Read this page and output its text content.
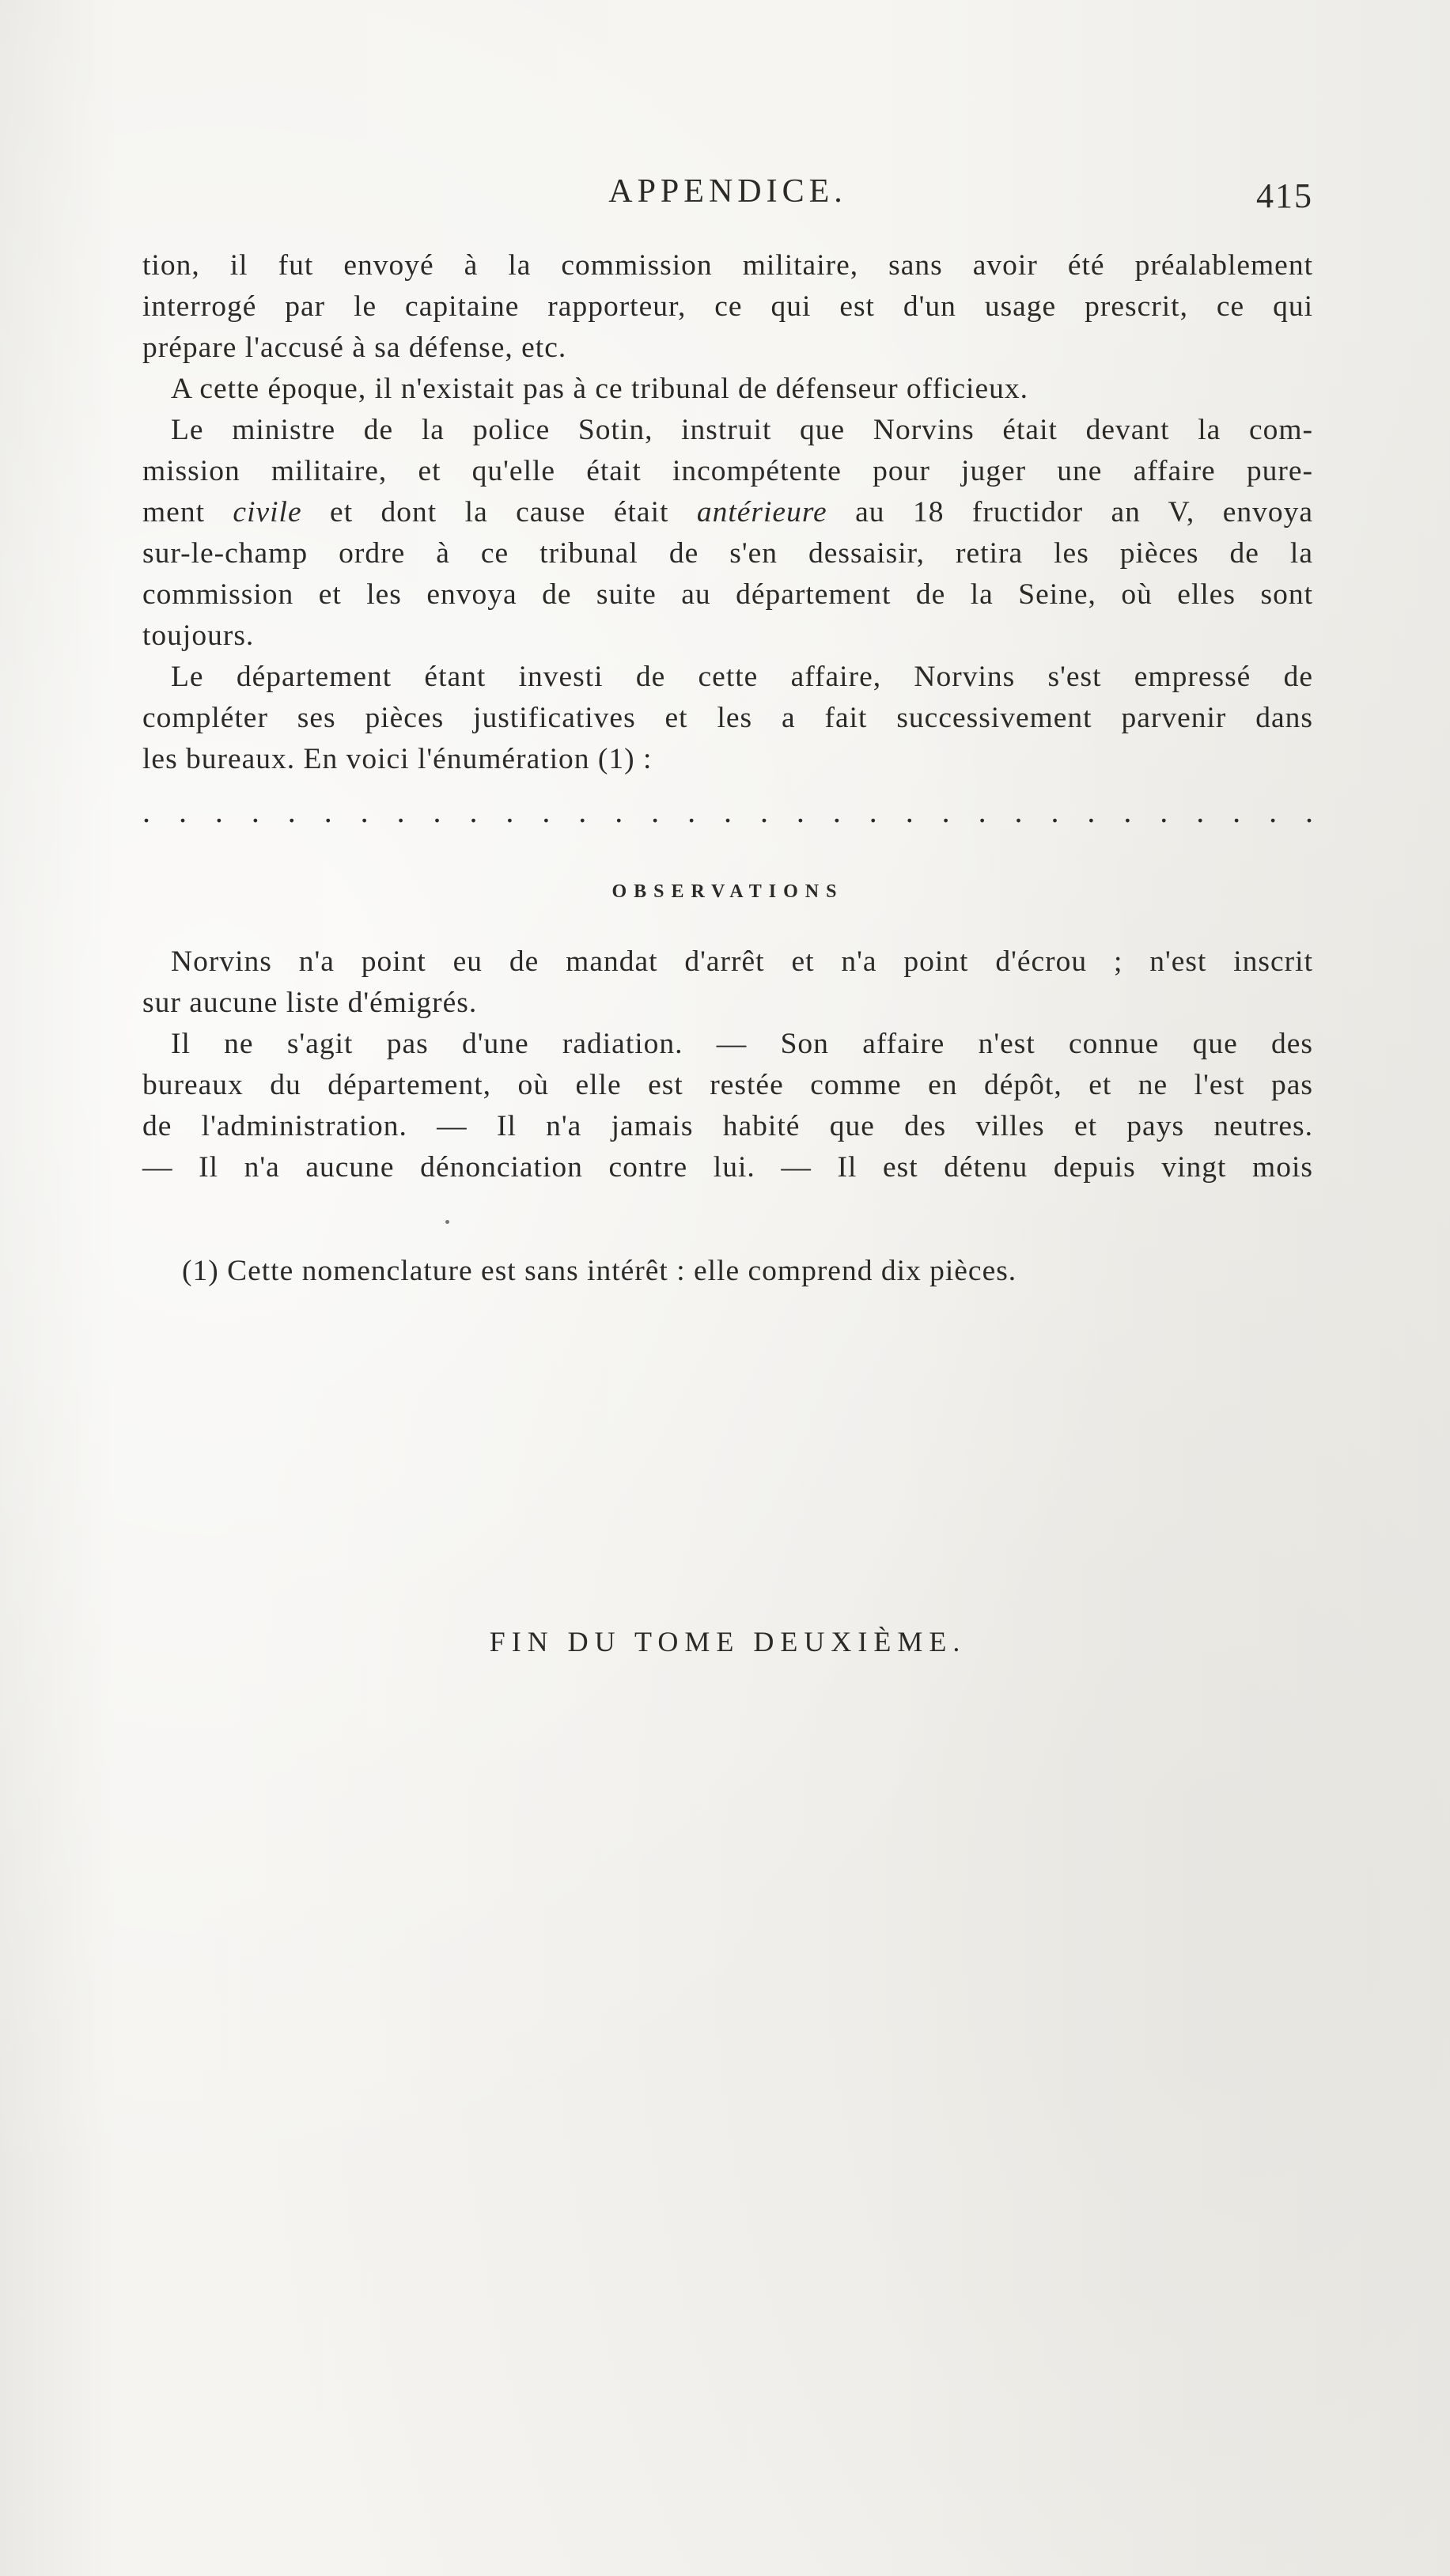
APPENDICE.	415
tion, il fut envoyé à la commission militaire, sans avoir été préalablement
interrogé par le capitaine rapporteur, ce qui est d'un usage prescrit, ce qui
prépare l'accusé à sa défense, etc.
A cette époque, il n'existait pas à ce tribunal de défenseur officieux.
Le ministre de la police Sotin, instruit que Norvins était devant la com-
mission militaire, et qu'elle était incompétente pour juger une affaire pure-
ment civile et dont la cause était antérieure au 18 fructidor an V, envoya
sur-le-champ ordre à ce tribunal de s'en dessaisir, retira les pièces de la
commission et les envoya de suite au département de la Seine, où elles sont
toujours.
Le département étant investi de cette affaire, Norvins s'est empressé de
compléter ses pièces justificatives et les a fait successivement parvenir dans
les bureaux. En voici l'énumération (1) :
. . . . . . . . . . . . . . . . . . . . . . . . . . . . . . . . .
OBSERVATIONS
Norvins n'a point eu de mandat d'arrêt et n'a point d'écrou ; n'est inscrit
sur aucune liste d'émigrés.
Il ne s'agit pas d'une radiation. — Son affaire n'est connue que des
bureaux du département, où elle est restée comme en dépôt, et ne l'est pas
de l'administration. — Il n'a jamais habité que des villes et pays neutres.
— Il n'a aucune dénonciation contre lui. — Il est détenu depuis vingt mois
(1) Cette nomenclature est sans intérêt : elle comprend dix pièces.
FIN DU TOME DEUXIÈME.
